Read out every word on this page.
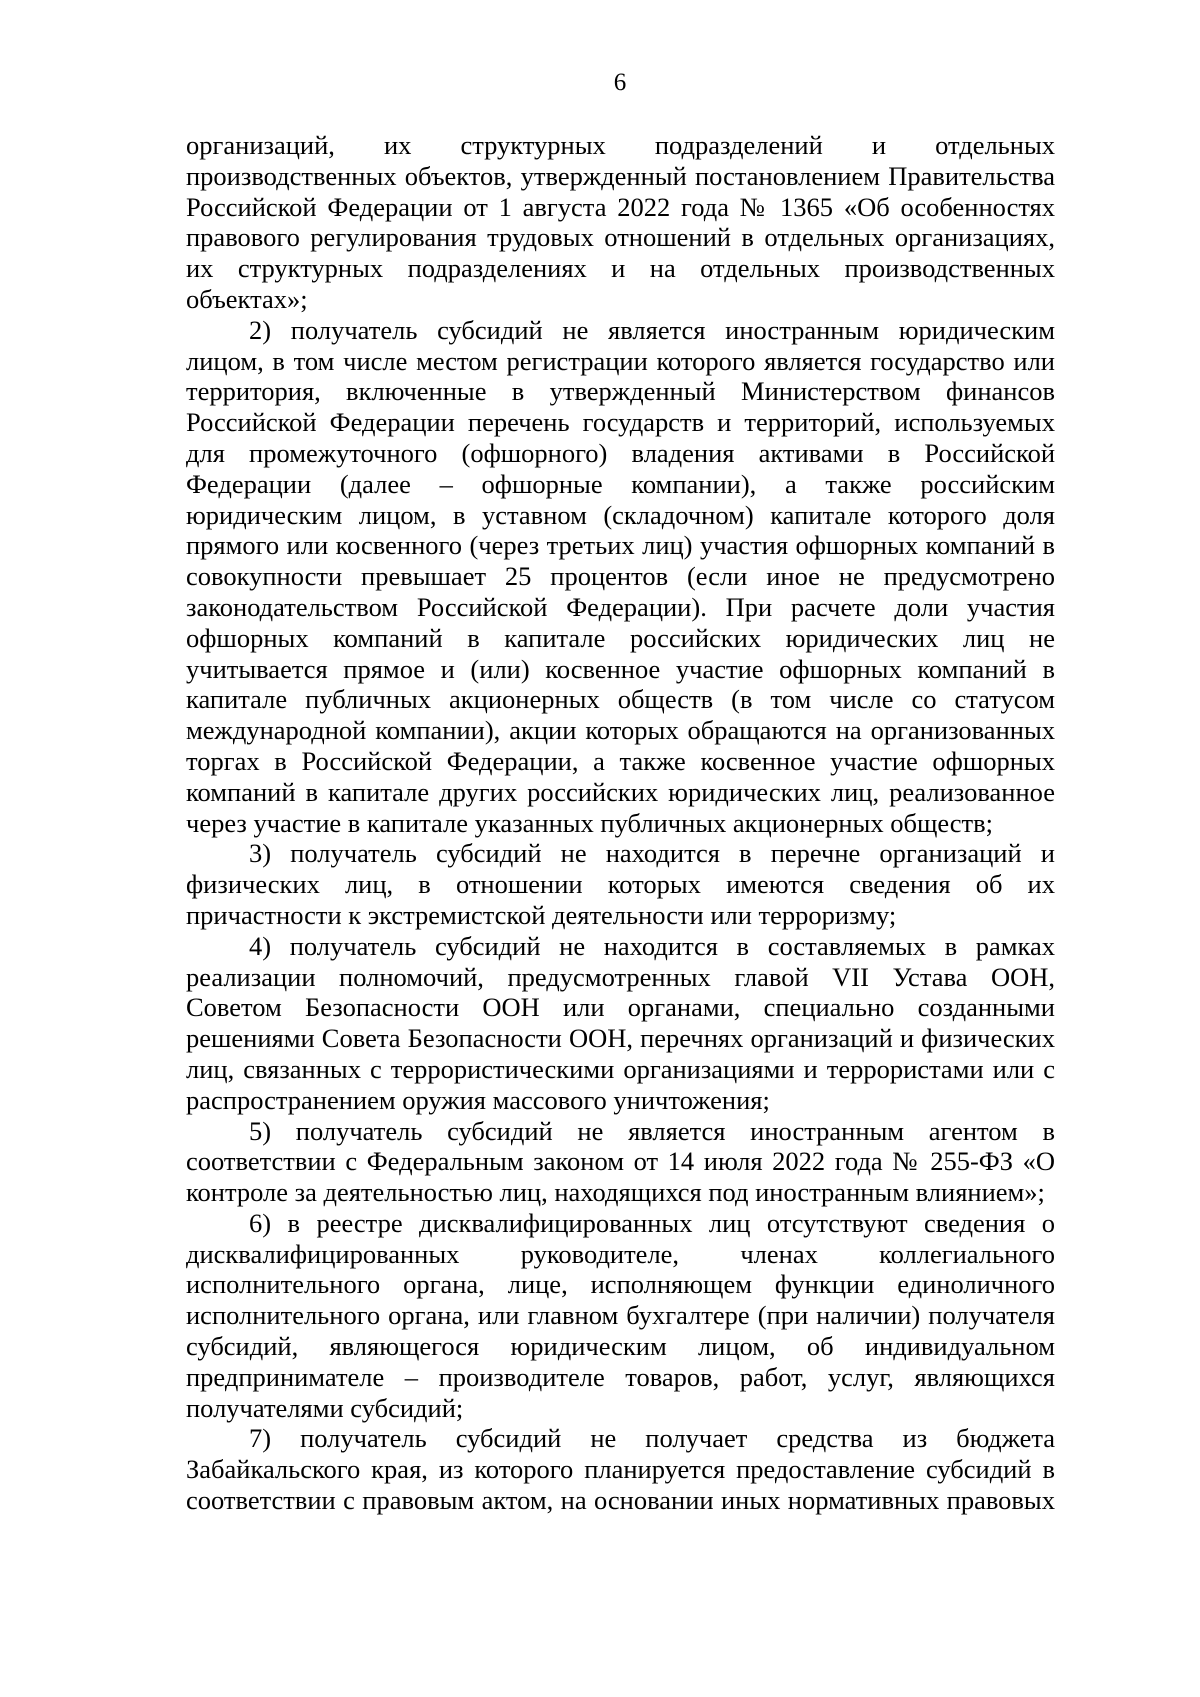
6

организаций, их структурных подразделений и отдельных производственных объектов, утвержденный постановлением Правительства Российской Федерации от 1 августа 2022 года № 1365 «Об особенностях правового регулирования трудовых отношений в отдельных организациях, их структурных подразделениях и на отдельных производственных объектах»;

2) получатель субсидий не является иностранным юридическим лицом, в том числе местом регистрации которого является государство или территория, включенные в утвержденный Министерством финансов Российской Федерации перечень государств и территорий, используемых для промежуточного (офшорного) владения активами в Российской Федерации (далее – офшорные компании), а также российским юридическим лицом, в уставном (складочном) капитале которого доля прямого или косвенного (через третьих лиц) участия офшорных компаний в совокупности превышает 25 процентов (если иное не предусмотрено законодательством Российской Федерации). При расчете доли участия офшорных компаний в капитале российских юридических лиц не учитывается прямое и (или) косвенное участие офшорных компаний в капитале публичных акционерных обществ (в том числе со статусом международной компании), акции которых обращаются на организованных торгах в Российской Федерации, а также косвенное участие офшорных компаний в капитале других российских юридических лиц, реализованное через участие в капитале указанных публичных акционерных обществ;

3) получатель субсидий не находится в перечне организаций и физических лиц, в отношении которых имеются сведения об их причастности к экстремистской деятельности или терроризму;

4) получатель субсидий не находится в составляемых в рамках реализации полномочий, предусмотренных главой VII Устава ООН, Советом Безопасности ООН или органами, специально созданными решениями Совета Безопасности ООН, перечнях организаций и физических лиц, связанных с террористическими организациями и террористами или с распространением оружия массового уничтожения;

5) получатель субсидий не является иностранным агентом в соответствии с Федеральным законом от 14 июля 2022 года № 255-ФЗ «О контроле за деятельностью лиц, находящихся под иностранным влиянием»;

6) в реестре дисквалифицированных лиц отсутствуют сведения о дисквалифицированных руководителе, членах коллегиального исполнительного органа, лице, исполняющем функции единоличного исполнительного органа, или главном бухгалтере (при наличии) получателя субсидий, являющегося юридическим лицом, об индивидуальном предпринимателе – производителе товаров, работ, услуг, являющихся получателями субсидий;

7) получатель субсидий не получает средства из бюджета Забайкальского края, из которого планируется предоставление субсидий в соответствии с правовым актом, на основании иных нормативных правовых
